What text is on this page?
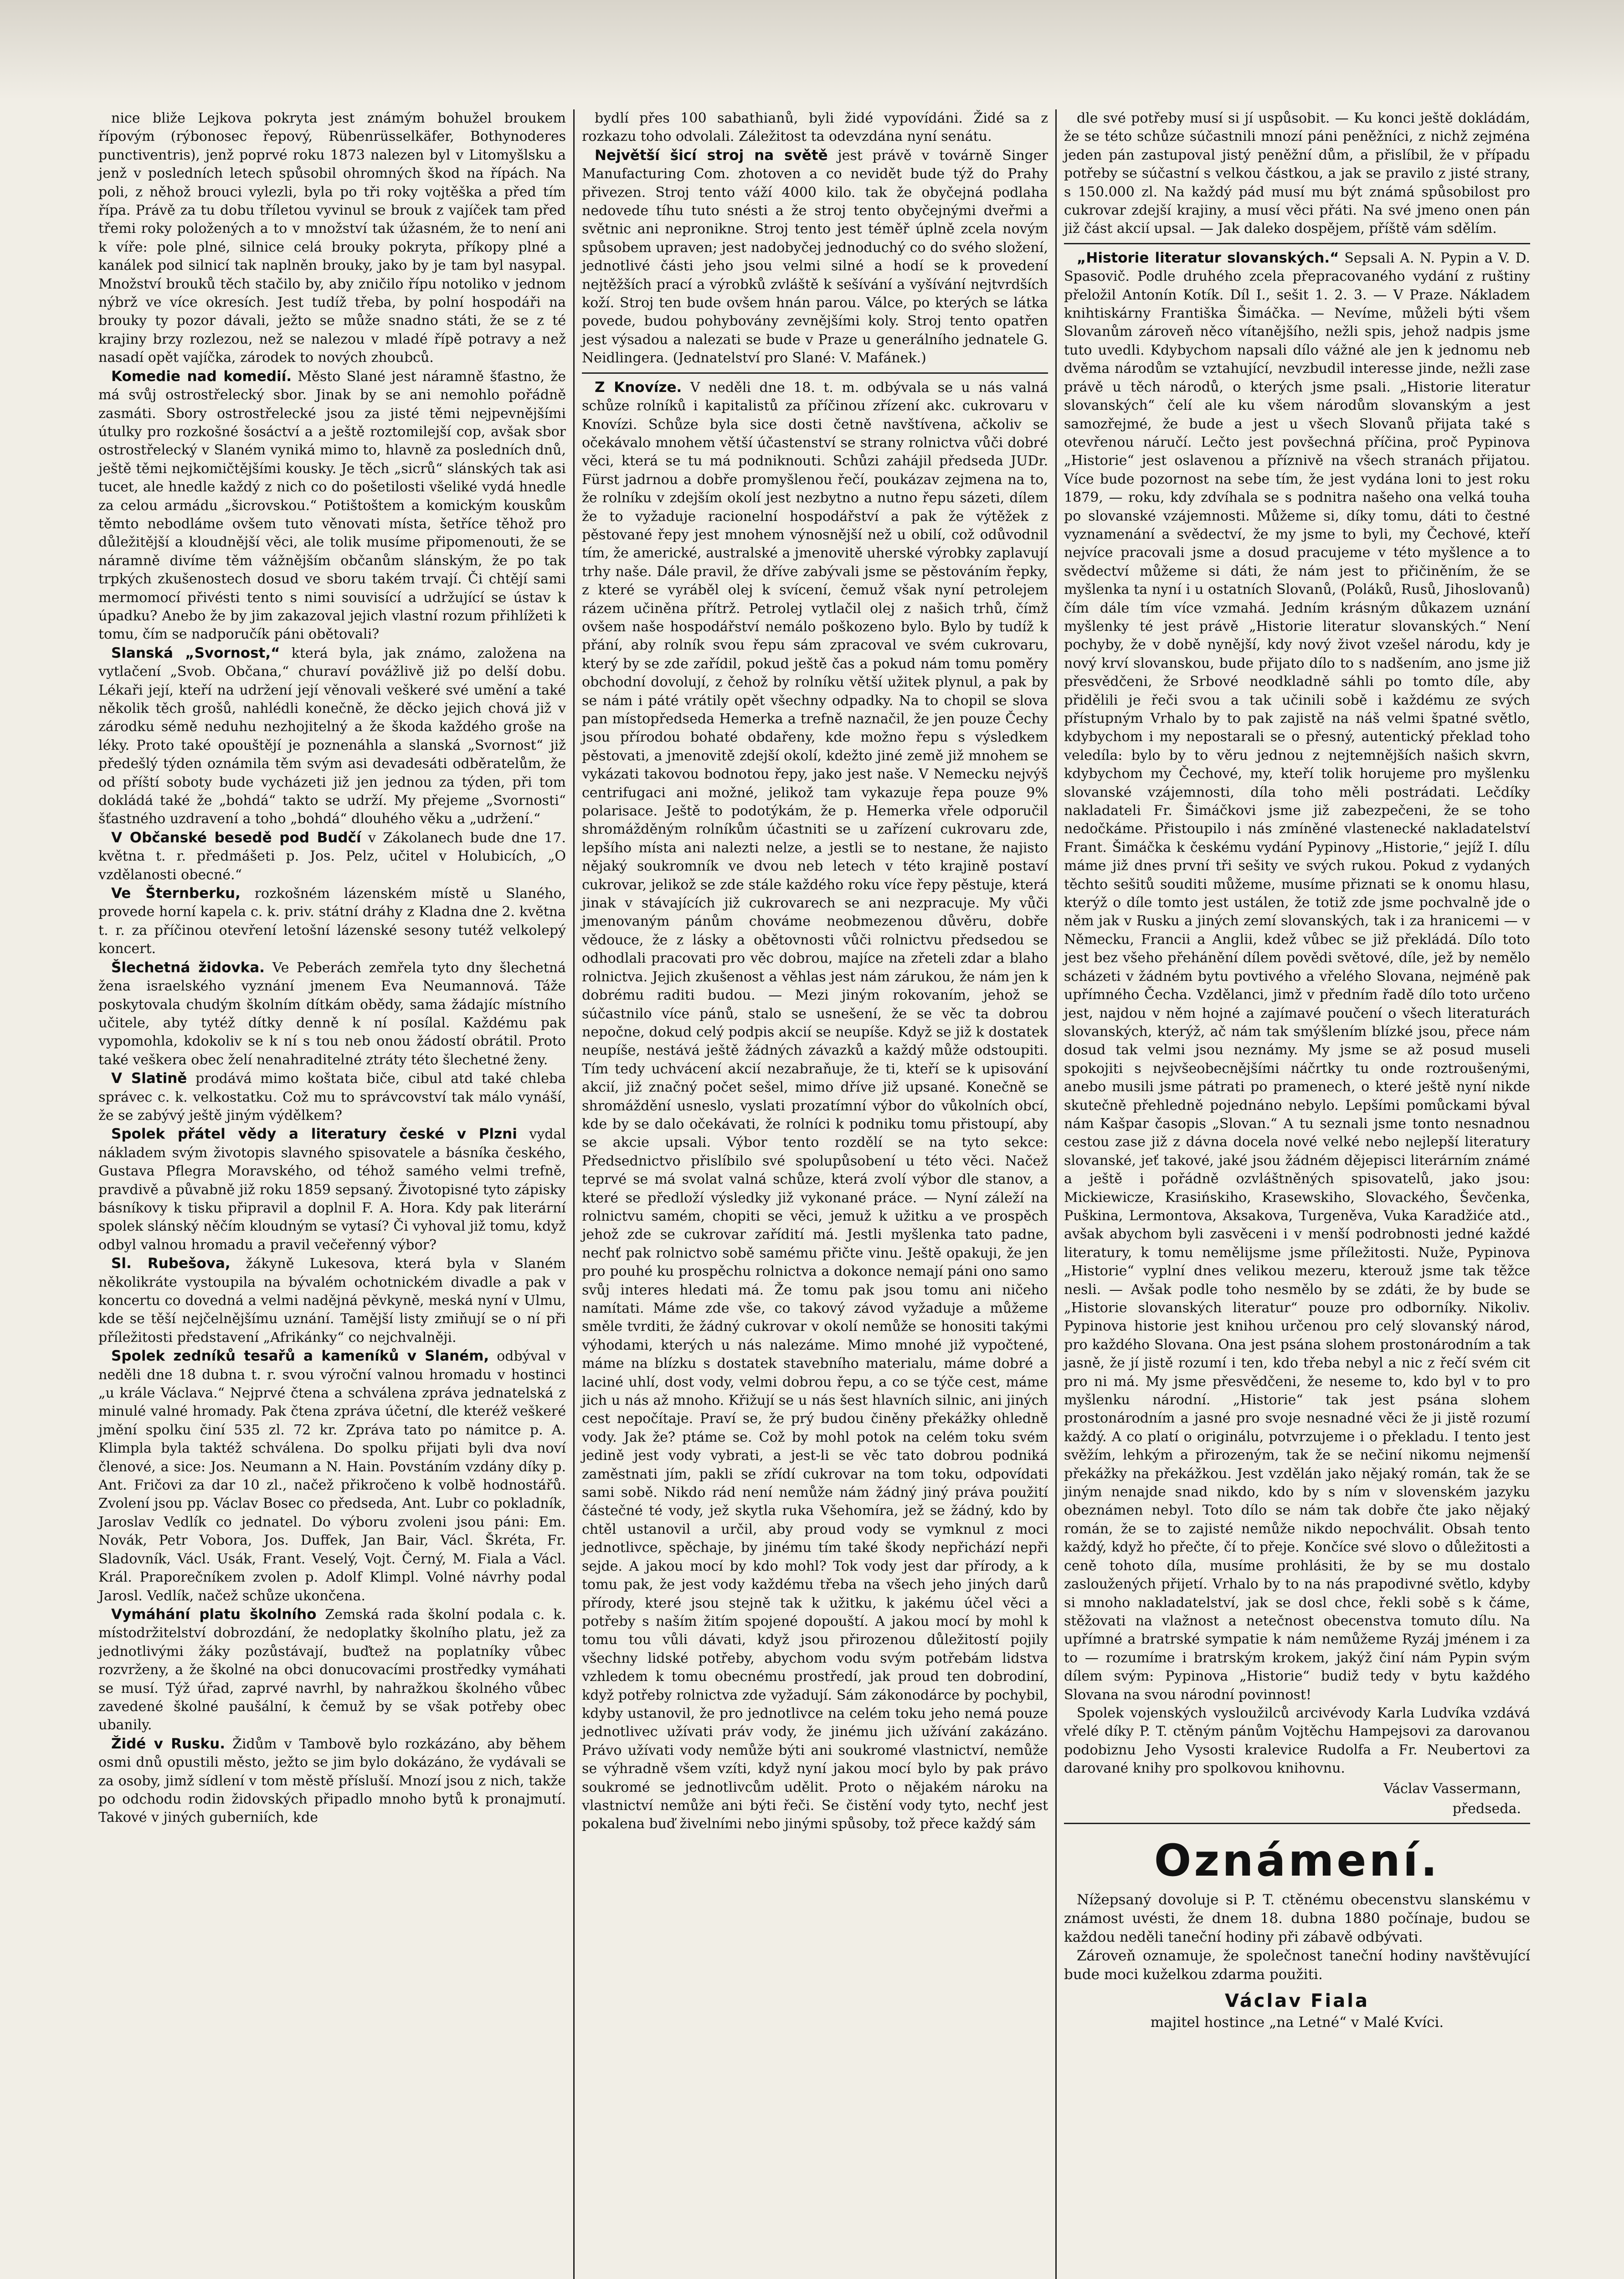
nice bliže Lejkova pokryta jest známým bohužel broukem řípovým (rýbonosec řepový, Rübenrüsselkäfer, Bothynoderes punctiventris), jenž poprvé roku 1873 nalezen byl v Litomyšlsku a jenž v posledních letech spůsobil ohromných škod na řípách. Na poli, z něhož brouci vylezli, byla po tři roky vojtěška a před tím řípa. Právě za tu dobu tříletou vyvinul se brouk z vajíček tam před třemi roky položených a to v množství tak úžasném, že to není ani k víře: pole plné, silnice celá brouky pokryta, příkopy plné a kanálek pod silnicí tak naplněn brouky, jako by je tam byl nasypal. Množství brouků těch stačilo by, aby zničilo řípu notoliko v jednom nýbrž ve více okresích. Jest tudíž třeba, by polní hospodáři na brouky ty pozor dávali, ježto se může snadno státi, že se z té krajiny brzy rozlezou, než se nalezou v mladé řípě potravy a než nasadí opět vajíčka, zárodek to nových zhoubců.

Komedie nad komedií. Město Slané jest náramně šťastno, že má svůj ostrostřelecký sbor. Jinak by se ani nemohlo pořádně zasmáti. Sbory ostrostřelecké jsou za jisté těmi nejpevnějšími útulky pro rozkošné šosáctví a a ještě roztomilejší cop, avšak sbor ostrostřelecký v Slaném vyniká mimo to, hlavně za posledních dnů, ještě těmi nejkomičtějšími kousky. Je těch „sicrů“ slánských tak asi tucet, ale hnedle každý z nich co do pošetilosti všeliké vydá hnedle za celou armádu „šicrovskou.“ Potištoštem a komickým kouskům těmto nebodláme ovšem tuto věnovati místa, šetříce těhož pro důležitější a kloudnější věci, ale tolik musíme připomenouti, že se náramně divíme těm vážnějším občanům slánským, že po tak trpkých zkušenostech dosud ve sboru takém trvají. Či chtějí sami mermomocí přivésti tento s nimi souvisící a udržující se ústav k úpadku? Anebo že by jim zakazoval jejich vlastní rozum přihlížeti k tomu, čím se nadporučík páni obětovali?

Slanská „Svornost,“ která byla, jak známo, založena na vytlačení „Svob. Občana,“ churaví povážlivě již po delší dobu. Lékaři její, kteří na udržení její věnovali veškeré své umění a také několik těch grošů, nahlédli konečně, že děcko jejich chová již v zárodku sémě neduhu nezhojitelný a že škoda každého groše na léky. Proto také opouštějí je poznenáhla a slanská „Svornost“ již předešlý týden oznámila těm svým asi devadesáti odběratelům, že od příští soboty bude vycházeti již jen jednou za týden, při tom dokládá také že „bohdá“ takto se udrží. My přejeme „Svornosti“ šťastného uzdravení a toho „bohdá“ dlouhého věku a „udržení.“

V Občanské besedě pod Budčí v Zákolanech bude dne 17. května t. r. předmášeti p. Jos. Pelz, učitel v Holubicích, „O vzdělanosti obecné.“

Ve Šternberku, rozkošném lázenském místě u Slaného, provede horní kapela c. k. priv. státní dráhy z Kladna dne 2. května t. r. za příčinou otevření letošní lázenské sesony tutéž velkolepý koncert.

Šlechetná židovka. Ve Peberách zemřela tyto dny šlechetná žena israelského vyznání jmenem Eva Neumannová. Táže poskytovala chudým školním dítkám obědy, sama žádajíc místního učitele, aby tytéž dítky denně k ní posílal. Každému pak vypomohla, kdokoliv se k ní s tou neb onou žádostí obrátil. Proto také veškera obec želí nenahraditelné ztráty této šlechetné ženy.

V Slatině prodává mimo koštata biče, cibul atd také chleba správec c. k. velkostatku. Což mu to správcovství tak málo vynáší, že se zabývý ještě jiným výdělkem?

Spolek přátel vědy a literatury české v Plzni vydal nákladem svým životopis slavného spisovatele a básníka českého, Gustava Pflegra Moravského, od téhož samého velmi trefně, pravdivě a půvabně již roku 1859 sepsaný. Životopisné tyto zápisky básníkovy k tisku připravil a doplnil F. A. Hora. Kdy pak literární spolek slánský něčím kloudným se vytasí? Či vyhoval již tomu, když odbyl valnou hromadu a pravil večeřenný výbor?

Sl. Rubešova, žákyně Lukesova, která byla v Slaném několikráte vystoupila na bývalém ochotnickém divadle a pak v koncertu co dovedná a velmi nadějná pěvkyně, meská nyní v Ulmu, kde se těší nejčelnějšímu uznání. Tamější listy zmiňují se o ní při příležitosti představení „Afrikánky“ co nejchvalněji.

Spolek zedníků tesařů a kameníků v Slaném, odbýval v neděli dne 18 dubna t. r. svou výroční valnou hromadu v hostinci „u krále Václava.“ Nejprvé čtena a schválena zpráva jednatelská z minulé valné hromady. Pak čtena zpráva účetní, dle kteréž veškeré jmění spolku činí 535 zl. 72 kr. Zpráva tato po námitce p. A. Klimpla byla taktéž schválena. Do spolku přijati byli dva noví členové, a sice: Jos. Neumann a N. Hain. Povstáním vzdány díky p. Ant. Fričovi za dar 10 zl., načež přikročeno k volbě hodnostářů. Zvolení jsou pp. Václav Bosec co předseda, Ant. Lubr co pokladník, Jaroslav Vedlík co jednatel. Do výboru zvoleni jsou páni: Em. Novák, Petr Vobora, Jos. Duffek, Jan Bair, Václ. Škréta, Fr. Sladovník, Václ. Usák, Frant. Veselý, Vojt. Černý, M. Fiala a Václ. Král. Praporečníkem zvolen p. Adolf Klimpl. Volné návrhy podal Jarosl. Vedlík, načež schůze ukončena.

Vymáhání platu školního Zemská rada školní podala c. k. místodržitelství dobrozdání, že nedoplatky školního platu, jež za jednotlivými žáky pozůstávají, buďtež na poplatníky vůbec rozvrženy, a že školné na obci donucovacími prostředky vymáhati se musí. Týž úřad, zaprvé navrhl, by nahražkou školného vůbec zavedené školné paušální, k čemuž by se však potřeby obec ubanily.

Židé v Rusku. Židům v Tambově bylo rozkázáno, aby během osmi dnů opustili město, ježto se jim bylo dokázáno, že vydávali se za osoby, jimž sídlení v tom městě přísluší. Mnozí jsou z nich, takže po odchodu rodin židovských připadlo mnoho bytů k pronajmutí. Takové v jiných guberniích, kde

bydlí přes 100 sabathianů, byli židé vypovídáni. Židé sa z rozkazu toho odvolali. Záležitost ta odevzdána nyní senátu.

Největší šicí stroj na světě jest právě v továrně Singer Manufacturing Com. zhotoven a co nevidět bude týž do Prahy přivezen. Stroj tento váží 4000 kilo. tak že obyčejná podlaha nedovede tíhu tuto snésti a že stroj tento obyčejnými dveřmi a světnic ani nepronikne. Stroj tento jest téměř úplně zcela novým spůsobem upraven; jest nadobyčej jednoduchý co do svého složení, jednotlivé části jeho jsou velmi silné a hodí se k provedení nejtěžších prací a výrobků zvláště k sešívání a vyšívání nejtvrdších koží. Stroj ten bude ovšem hnán parou. Válce, po kterých se látka povede, budou pohybovány zevnějšími koly. Stroj tento opatřen jest výsadou a nalezati se bude v Praze u generálního jednatele G. Neidlingera. (Jednatelství pro Slané: V. Mafánek.)

Z Knovíze. V neděli dne 18. t. m. odbývala se u nás valná schůze rolníků i kapitalistů za příčinou zřízení akc. cukrovaru v Knovízi. Schůze byla sice dosti četně navštívena, ačkoliv se očekávalo mnohem větší účastenství se strany rolnictva vůči dobré věci, která se tu má podniknouti. Schůzi zahájil předseda JUDr. Fürst jadrnou a dobře promyšlenou řečí, poukázav zejmena na to, že rolníku v zdejším okolí jest nezbytno a nutno řepu sázeti, dílem že to vyžaduje racionelní hospodářství a pak že výtěžek z pěstované řepy jest mnohem výnosnější než u obilí, což odůvodnil tím, že americké, australské a jmenovitě uherské výrobky zaplavují trhy naše. Dále pravil, že dříve zabývali jsme se pěstováním řepky, z které se vyráběl olej k svícení, čemuž však nyní petrolejem rázem učiněna přítrž. Petrolej vytlačil olej z našich trhů, čímž ovšem naše hospodářství nemálo poškozeno bylo. Bylo by tudíž k přání, aby rolník svou řepu sám zpracoval ve svém cukrovaru, který by se zde zařídil, pokud ještě čas a pokud nám tomu poměry obchodní dovolují, z čehož by rolníku větší užitek plynul, a pak by se nám i páté vrátily opět všechny odpadky. Na to chopil se slova pan místopředseda Hemerka a trefně naznačil, že jen pouze Čechy jsou přírodou bohaté obdařeny, kde možno řepu s výsledkem pěstovati, a jmenovitě zdejší okolí, kdežto jiné země již mnohem se vykázati takovou bodnotou řepy, jako jest naše. V Nemecku nejvýš centrifugaci ani možné, jelikož tam vykazuje řepa pouze 9% polarisace. Ještě to podotýkám, že p. Hemerka vřele odporučil shromážděným rolníkům účastniti se u zařízení cukrovaru zde, lepšího místa ani nalezti nelze, a jestli se to nestane, že najisto nějaký soukromník ve dvou neb letech v této krajině postaví cukrovar, jelikož se zde stále každého roku více řepy pěstuje, která jinak v stávajících již cukrovarech se ani nezpracuje. My vůči jmenovaným pánům chováme neobmezenou důvěru, dobře vědouce, že z lásky a obětovnosti vůči rolnictvu předsedou se odhodlali pracovati pro věc dobrou, majíce na zřeteli zdar a blaho rolnictva. Jejich zkušenost a věhlas jest nám zárukou, že nám jen k dobrému raditi budou. — Mezi jiným rokovaním, jehož se súčastnilo více pánů, stalo se usnešení, že se věc ta dobrou nepočne, dokud celý podpis akcií se neupíše. Když se již k dostatek neupíše, nestává ještě žádných závazků a každý může odstoupiti. Tím tedy uchvácení akcií nezabraňuje, že ti, kteří se k upisování akcií, již značný počet sešel, mimo dříve již upsané. Konečně se shromáždění usneslo, vyslati prozatímní výbor do vůkolních obcí, kde by se dalo očekávati, že rolníci k podniku tomu přistoupí, aby se akcie upsali. Výbor tento rozdělí se na tyto sekce: Předsednictvo přislíbilo své spolupůsobení u této věci. Načež teprvé se má svolat valná schůze, která zvolí výbor dle stanov, a které se předloží výsledky již vykonané práce. — Nyní záleží na rolnictvu samém, chopiti se věci, jemuž k užitku a ve prospěch jehož zde se cukrovar zařídití má. Jestli myšlenka tato padne, nechť pak rolnictvo sobě samému přičte vinu. Ještě opakuji, že jen pro pouhé ku prospěchu rolnictva a dokonce nemají páni ono samo svůj interes hledati má. Že tomu pak jsou tomu ani ničeho namítati. Máme zde vše, co takový závod vyžaduje a můžeme směle tvrditi, že žádný cukrovar v okolí nemůže se honositi takými výhodami, kterých u nás nalezáme. Mimo mnohé již vypočtené, máme na blízku s dostatek stavebního materialu, máme dobré a laciné uhlí, dost vody, velmi dobrou řepu, a co se týče cest, máme jich u nás až mnoho. Křižují se u nás šest hlavních silnic, ani jiných cest nepočítaje. Praví se, že prý budou činěny překážky ohledně vody. Jak že? ptáme se. Což by mohl potok na celém toku svém jedině jest vody vybrati, a jest-li se věc tato dobrou podniká zaměstnati jím, pakli se zřídí cukrovar na tom toku, odpovídati sami sobě. Nikdo rád není nemůže nám žádný jiný práva použití částečné té vody, jež skytla ruka Všehomíra, jež se žádný, kdo by chtěl ustanovil a určil, aby proud vody se vymknul z moci jednotlivce, spěchaje, by jinému tím také škody nepřichází nepři sejde. A jakou mocí by kdo mohl? Tok vody jest dar přírody, a k tomu pak, že jest vody každému třeba na všech jeho jiných darů přírody, které jsou stejně tak k užitku, k jakému účel věci a potřeby s naším žitím spojené dopouští. A jakou mocí by mohl k tomu tou vůli dávati, když jsou přirozenou důležitostí pojily všechny lidské potřeby, abychom vodu svým potřebám lidstva vzhledem k tomu obecnému prostředí, jak proud ten dobrodiní, když potřeby rolnictva zde vyžadují. Sám zákonodárce by pochybil, kdyby ustanovil, že pro jednotlivce na celém toku jeho nemá pouze jednotlivec užívati práv vody, že jinému jich užívání zakázáno. Právo užívati vody nemůže býti ani soukromé vlastnictví, nemůže se výhradně všem vzíti, když nyní jakou mocí bylo by pak právo soukromé se jednotlivcům udělit. Proto o nějakém nároku na vlastnictví nemůže ani býti řeči. Se čistění vody tyto, nechť jest pokalena buď živelními nebo jinými spůsoby, tož přece každý sám

dle své potřeby musí si jí uspůsobit. — Ku konci ještě dokládám, že se této schůze súčastnili mnozí páni peněžníci, z nichž zejména jeden pán zastupoval jistý peněžní dům, a přislíbil, že v případu potřeby se súčastní s velkou částkou, a jak se pravilo z jisté strany, s 150.000 zl. Na každý pád musí mu být známá spůsobilost pro cukrovar zdejší krajiny, a musí věci přáti. Na své jmeno onen pán již část akcií upsal. — Jak daleko dospějem, příště vám sdělím.

„Historie literatur slovanských.“ Sepsali A. N. Pypin a V. D. Spasovič. Podle druhého zcela přepracovaného vydání z ruštiny přeložil Antonín Kotík. Díl I., sešit 1. 2. 3. — V Praze. Nákladem knihtiskárny Františka Šimáčka. — Nevíme, můželi býti všem Slovanům zároveň něco vítanějšího, nežli spis, jehož nadpis jsme tuto uvedli. Kdybychom napsali dílo vážné ale jen k jednomu neb dvěma národům se vztahující, nevzbudil interesse jinde, nežli zase právě u těch národů, o kterých jsme psali. „Historie literatur slovanských“ čelí ale ku všem národům slovanským a jest samozřejmé, že bude a jest u všech Slovanů přijata také s otevřenou náručí. Lečto jest povšechná příčina, proč Pypinova „Historie“ jest oslavenou a příznivě na všech stranách přijatou. Více bude pozornost na sebe tím, že jest vydána loni to jest roku 1879, — roku, kdy zdvíhala se s podnitra našeho ona velká touha po slovanské vzájemnosti. Můžeme si, díky tomu, dáti to čestné vyznamenání a svědectví, že my jsme to byli, my Čechové, kteří nejvíce pracovali jsme a dosud pracujeme v této myšlence a to svědectví můžeme si dáti, že nám jest to přičiněním, že se myšlenka ta nyní i u ostatních Slovanů, (Poláků, Rusů, Jihoslovanů) čím dále tím více vzmahá. Jedním krásným důkazem uznání myšlenky té jest právě „Historie literatur slovanských.“ Není pochyby, že v době nynější, kdy nový život vzešel národu, kdy je nový krví slovanskou, bude přijato dílo to s nadšením, ano jsme již přesvědčeni, že Srbové neodkladně sáhli po tomto díle, aby přidělili je řeči svou a tak učinili sobě i každému ze svých přístupným Vrhalo by to pak zajistě na náš velmi špatné světlo, kdybychom i my nepostarali se o přesný, autentický překlad toho veledíla: bylo by to věru jednou z nejtemnějších našich skvrn, kdybychom my Čechové, my, kteří tolik horujeme pro myšlenku slovanské vzájemnosti, díla toho měli postrádati. Lečdíky nakladateli Fr. Šimáčkovi jsme již zabezpečeni, že se toho nedočkáme. Přistoupilo i nás zmíněné vlastenecké nakladatelství Frant. Šimáčka k českému vydání Pypinovy „Historie,“ jejíž I. dílu máme již dnes první tři sešity ve svých rukou. Pokud z vydaných těchto sešitů souditi můžeme, musíme přiznati se k onomu hlasu, kterýž o díle tomto jest ustálen, že totiž zde jsme pochvalně jde o něm jak v Rusku a jiných zemí slovanských, tak i za hranicemi — v Německu, Francii a Anglii, kdež vůbec se již překládá. Dílo toto jest bez všeho přehánění dílem povědi světové, díle, jež by nemělo scházeti v žádném bytu povtivého a vřelého Slovana, nejméně pak upřímného Čecha. Vzdělanci, jimž v předním řadě dílo toto určeno jest, najdou v něm hojné a zajímavé poučení o všech literaturách slovanských, kterýž, ač nám tak smýšlením blízké jsou, přece nám dosud tak velmi jsou neznámy. My jsme se až posud museli spokojiti s nejvšeobecnějšími náčrtky tu onde roztroušenými, anebo musili jsme pátrati po pramenech, o které ještě nyní nikde skutečně přehledně pojednáno nebylo. Lepšími pomůckami býval nám Kašpar časopis „Slovan.“ A tu seznali jsme tonto nesnadnou cestou zase již z dávna docela nové velké nebo nejlepší literatury slovanské, jeť takové, jaké jsou žádném dějepisci literárním známé a ještě i pořádně ozvláštněných spisovatelů, jako jsou: Mickiewicze, Krasińskiho, Krasewskiho, Slovackého, Ševčenka, Puškina, Lermontova, Aksakova, Turgeněva, Vuka Karadžiće atd., avšak abychom byli zasvěceni i v menší podrobnosti jedné každé literatury, k tomu nemělijsme jsme příležitosti. Nuže, Pypinova „Historie“ vyplní dnes velikou mezeru, kterouž jsme tak těžce nesli. — Avšak podle toho nesmělo by se zdáti, že by bude se „Historie slovanských literatur“ pouze pro odborníky. Nikoliv. Pypinova historie jest knihou určenou pro celý slovanský národ, pro každého Slovana. Ona jest psána slohem prostonárodním a tak jasně, že jí jistě rozumí i ten, kdo třeba nebyl a nic z řečí svém cit pro ni má. My jsme přesvědčeni, že neseme to, kdo byl v to pro myšlenku národní. „Historie“ tak jest psána slohem prostonárodním a jasné pro svoje nesnadné věci že ji jistě rozumí každý. A co platí o originálu, potvrzujeme i o překladu. I tento jest svěžím, lehkým a přirozeným, tak že se nečiní nikomu nejmenší překážky na překážkou. Jest vzdělán jako nějaký román, tak že se jiným nenajde snad nikdo, kdo by s ním v slovenském jazyku obeznámen nebyl. Toto dílo se nám tak dobře čte jako nějaký román, že se to zajisté nemůže nikdo nepochválit. Obsah tento každý, když ho přečte, čí to přeje. Končíce své slovo o důležitosti a ceně tohoto díla, musíme prohlásiti, že by se mu dostalo zasloužených přijetí. Vrhalo by to na nás prapodivné světlo, kdyby si mnoho nakladatelství, jak se dosl chce, řekli sobě s k čáme, stěžovati na vlažnost a netečnost obecenstva tomuto dílu. Na upřímné a bratrské sympatie k nám nemůžeme Ryzáj jménem i za to — rozumíme i bratrským krokem, jakýž činí nám Pypin svým dílem svým: Pypinova „Historie“ budiž tedy v bytu každého Slovana na svou národní povinnost!

Spolek vojenských vysloužilců arcivévody Karla Ludvíka vzdává vřelé díky P. T. ctěným pánům Vojtěchu Hampejsovi za darovanou podobiznu Jeho Vysosti kralevice Rudolfa a Fr. Neubertovi za darované knihy pro spolkovou knihovnu.

Václav Vassermann,

předseda.

Oznámení.

Nížepsaný dovoluje si P. T. ctěnému obecenstvu slanskému v známost uvésti, že dnem 18. dubna 1880 počínaje, budou se každou neděli taneční hodiny při zábavě odbývati.

Zároveň oznamuje, že společnost taneční hodiny navštěvující bude moci kuželkou zdarma použiti.

Václav Fiala

majitel hostince „na Letné“ v Malé Kvíci.
